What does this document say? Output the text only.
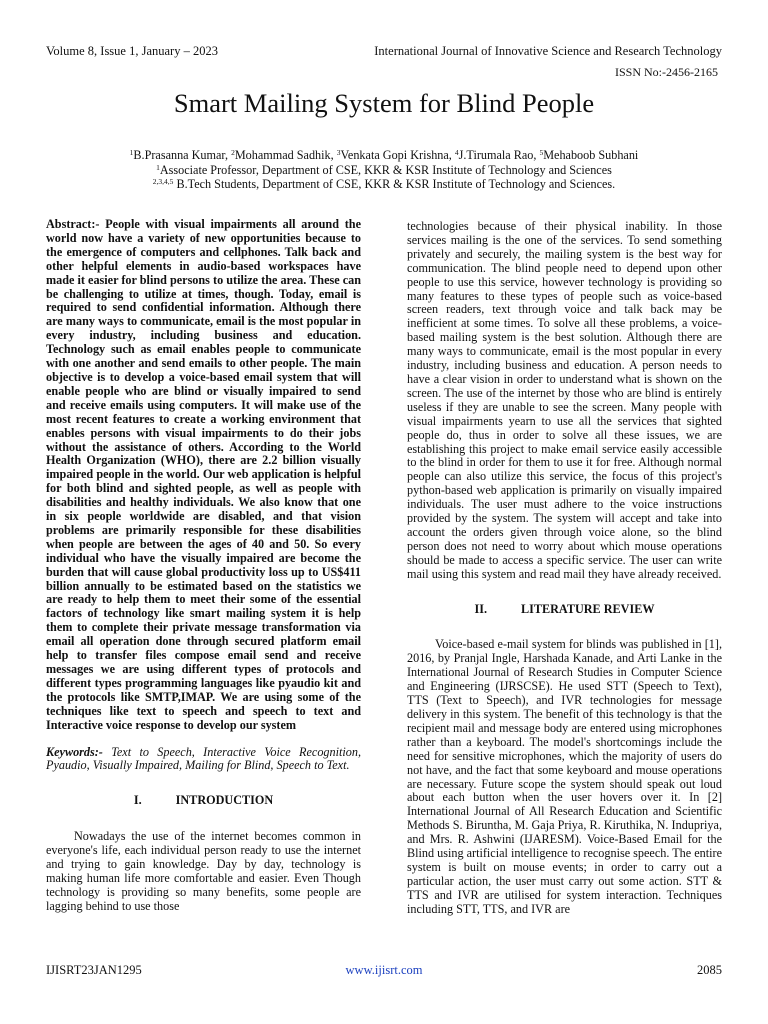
Volume 8, Issue 1, January – 2023	International Journal of Innovative Science and Research Technology
ISSN No:-2456-2165
Smart Mailing System for Blind People
$^1$B.Prasanna Kumar, $^2$Mohammad Sadhik, $^3$Venkata Gopi Krishna, $^4$J.Tirumala Rao, $^5$Mehaboob Subhani
$^1$Associate Professor, Department of CSE, KKR & KSR Institute of Technology and Sciences
$^{2,3,4,5}$ B.Tech Students, Department of CSE, KKR & KSR Institute of Technology and Sciences.

Abstract:- People with visual impairments all around the world now have a variety of new opportunities because to the emergence of computers and cellphones. Talk back and other helpful elements in audio-based workspaces have made it easier for blind persons to utilize the area. These can be challenging to utilize at times, though. Today, email is required to send confidential information. Although there are many ways to communicate, email is the most popular in every industry, including business and education. Technology such as email enables people to communicate with one another and send emails to other people. The main objective is to develop a voice-based email system that will enable people who are blind or visually impaired to send and receive emails using computers. It will make use of the most recent features to create a working environment that enables persons with visual impairments to do their jobs without the assistance of others. According to the World Health Organization (WHO), there are 2.2 billion visually impaired people in the world. Our web application is helpful for both blind and sighted people, as well as people with disabilities and healthy individuals. We also know that one in six people worldwide are disabled, and that vision problems are primarily responsible for these disabilities when people are between the ages of 40 and 50. So every individual who have the visually impaired are become the burden that will cause global productivity loss up to US$411 billion annually to be estimated based on the statistics we are ready to help them to meet their some of the essential factors of technology like smart mailing system it is help them to complete their private message transformation via email all operation done through secured platform email help to transfer files compose email send and receive messages we are using different types of protocols and different types programming languages like pyaudio kit and the protocols like SMTP,IMAP. We are using some of the techniques like text to speech and speech to text and Interactive voice response to develop our system

Keywords:- Text to Speech, Interactive Voice Recognition, Pyaudio, Visually Impaired, Mailing for Blind, Speech to Text.

I.	INTRODUCTION

Nowadays the use of the internet becomes common in everyone's life, each individual person ready to use the internet and trying to gain knowledge. Day by day, technology is making human life more comfortable and easier. Even Though technology is providing so many benefits, some people are lagging behind to use those

technologies because of their physical inability. In those services mailing is the one of the services. To send something privately and securely, the mailing system is the best way for communication. The blind people need to depend upon other people to use this service, however technology is providing so many features to these types of people such as voice-based screen readers, text through voice and talk back may be inefficient at some times. To solve all these problems, a voice-based mailing system is the best solution. Although there are many ways to communicate, email is the most popular in every industry, including business and education. A person needs to have a clear vision in order to understand what is shown on the screen. The use of the internet by those who are blind is entirely useless if they are unable to see the screen. Many people with visual impairments yearn to use all the services that sighted people do, thus in order to solve all these issues, we are establishing this project to make email service easily accessible to the blind in order for them to use it for free. Although normal people can also utilize this service, the focus of this project's python-based web application is primarily on visually impaired individuals. The user must adhere to the voice instructions provided by the system. The system will accept and take into account the orders given through voice alone, so the blind person does not need to worry about which mouse operations should be made to access a specific service. The user can write mail using this system and read mail they have already received.

II.	LITERATURE REVIEW

Voice-based e-mail system for blinds was published in [1], 2016, by Pranjal Ingle, Harshada Kanade, and Arti Lanke in the International Journal of Research Studies in Computer Science and Engineering (IJRSCSE). He used STT (Speech to Text), TTS (Text to Speech), and IVR technologies for message delivery in this system. The benefit of this technology is that the recipient mail and message body are entered using microphones rather than a keyboard. The model's shortcomings include the need for sensitive microphones, which the majority of users do not have, and the fact that some keyboard and mouse operations are necessary. Future scope the system should speak out loud about each button when the user hovers over it. In [2] International Journal of All Research Education and Scientific Methods S. Biruntha, M. Gaja Priya, R. Kiruthika, N. Indupriya, and Mrs. R. Ashwini (IJARESM). Voice-Based Email for the Blind using artificial intelligence to recognise speech. The entire system is built on mouse events; in order to carry out a particular action, the user must carry out some action. STT & TTS and IVR are utilised for system interaction. Techniques including STT, TTS, and IVR are

IJISRT23JAN1295	www.ijisrt.com	2085
